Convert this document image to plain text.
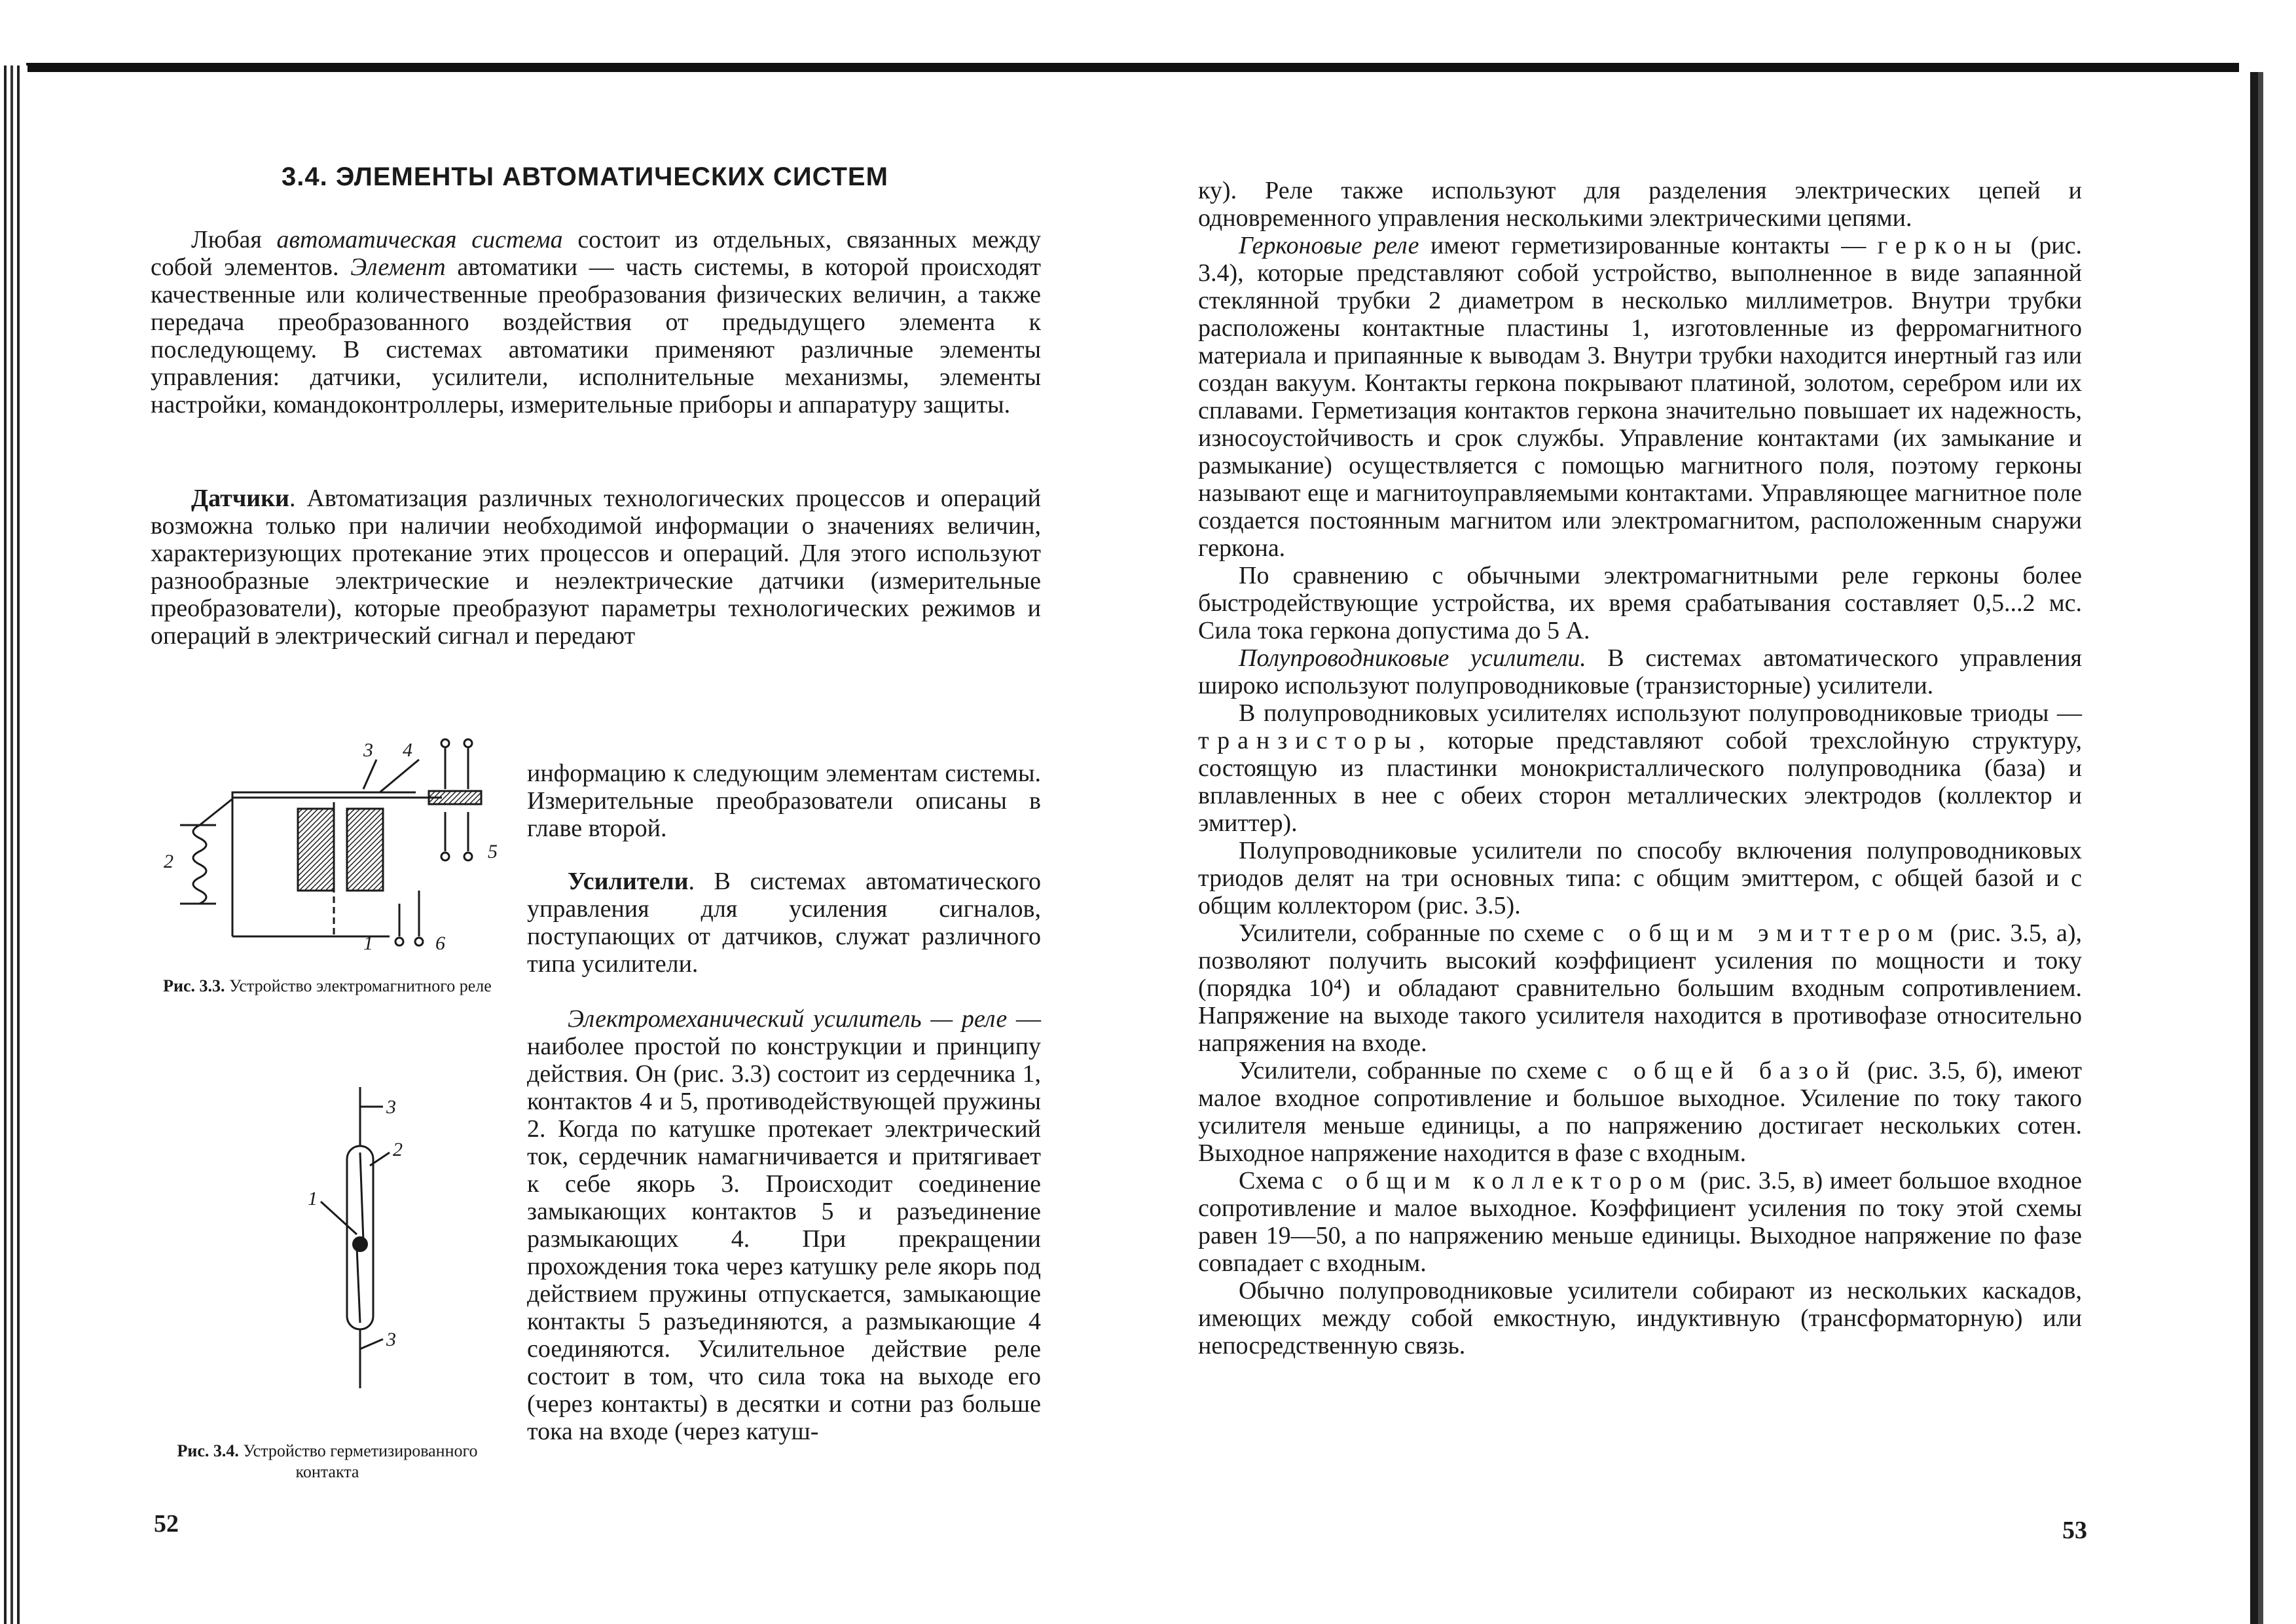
3.4. ЭЛЕМЕНТЫ АВТОМАТИЧЕСКИХ СИСТЕМ

Любая автоматическая система состоит из отдельных, связанных между собой элементов. Элемент автоматики — часть системы, в которой происходят качественные или количественные преобразования физических величин, а также передача преобразованного воздействия от предыдущего элемента к последующему. В системах автоматики применяют различные элементы управления: датчики, усилители, исполнительные механизмы, элементы настройки, командоконтроллеры, измерительные приборы и аппаратуру защиты.

Датчики. Автоматизация различных технологических процессов и операций возможна только при наличии необходимой информации о значениях величин, характеризующих протекание этих процессов и операций. Для этого используют разнообразные электрические и неэлектрические датчики (измерительные преобразователи), которые преобразуют параметры технологических режимов и операций в электрический сигнал и передают

информацию к следующим элементам системы. Измерительные преобразователи описаны в главе второй.

Усилители. В системах автоматического управления для усиления сигналов, поступающих от датчиков, служат различного типа усилители.

Электромеханический усилитель — реле — наиболее простой по конструкции и принципу действия. Он (рис. 3.3) состоит из сердечника 1, контактов 4 и 5, противодействующей пружины 2. Когда по катушке протекает электрический ток, сердечник намагничивается и притягивает к себе якорь 3. Происходит соединение замыкающих контактов 5 и разъединение размыкающих 4. При прекращении прохождения тока через катушку реле якорь под действием пружины отпускается, замыкающие контакты 5 разъединяются, а размыкающие 4 соединяются. Усилительное действие реле состоит в том, что сила тока на выходе его (через контакты) в десятки и сотни раз больше тока на входе (через катуш-

3 4
2	5
1	6
Рис. 3.3. Устройство электромагнитного реле
3
2
1
3
Рис. 3.4. Устройство герметизированного контакта
52

ку). Реле также используют для разделения электрических цепей и одновременного управления несколькими электрическими цепями.

Герконовые реле имеют герметизированные контакты — герконы (рис. 3.4), которые представляют собой устройство, выполненное в виде запаянной стеклянной трубки 2 диаметром в несколько миллиметров. Внутри трубки расположены контактные пластины 1, изготовленные из ферромагнитного материала и припаянные к выводам 3. Внутри трубки находится инертный газ или создан вакуум. Контакты геркона покрывают платиной, золотом, серебром или их сплавами. Герметизация контактов геркона значительно повышает их надежность, износоустойчивость и срок службы. Управление контактами (их замыкание и размыкание) осуществляется с помощью магнитного поля, поэтому герконы называют еще и магнитоуправляемыми контактами. Управляющее магнитное поле создается постоянным магнитом или электромагнитом, расположенным снаружи геркона.

По сравнению с обычными электромагнитными реле герконы более быстродействующие устройства, их время срабатывания составляет 0,5...2 мс. Сила тока геркона допустима до 5 А.

Полупроводниковые усилители. В системах автоматического управления широко используют полупроводниковые (транзисторные) усилители.

В полупроводниковых усилителях используют полупроводниковые триоды — транзисторы, которые представляют собой трехслойную структуру, состоящую из пластинки монокристаллического полупроводника (база) и вплавленных в нее с обеих сторон металлических электродов (коллектор и эмиттер).

Полупроводниковые усилители по способу включения полупроводниковых триодов делят на три основных типа: с общим эмиттером, с общей базой и с общим коллектором (рис. 3.5).

Усилители, собранные по схеме с общим эмиттером (рис. 3.5, а), позволяют получить высокий коэффициент усиления по мощности и току (порядка 10⁴) и обладают сравнительно большим входным сопротивлением. Напряжение на выходе такого усилителя находится в противофазе относительно напряжения на входе.

Усилители, собранные по схеме с общей базой (рис. 3.5, б), имеют малое входное сопротивление и большое выходное. Усиление по току такого усилителя меньше единицы, а по напряжению достигает нескольких сотен. Выходное напряжение находится в фазе с входным.

Схема с общим коллектором (рис. 3.5, в) имеет большое входное сопротивление и малое выходное. Коэффициент усиления по току этой схемы равен 19—50, а по напряжению меньше единицы. Выходное напряжение по фазе совпадает с входным.

Обычно полупроводниковые усилители собирают из нескольких каскадов, имеющих между собой емкостную, индуктивную (трансформаторную) или непосредственную связь.

53
